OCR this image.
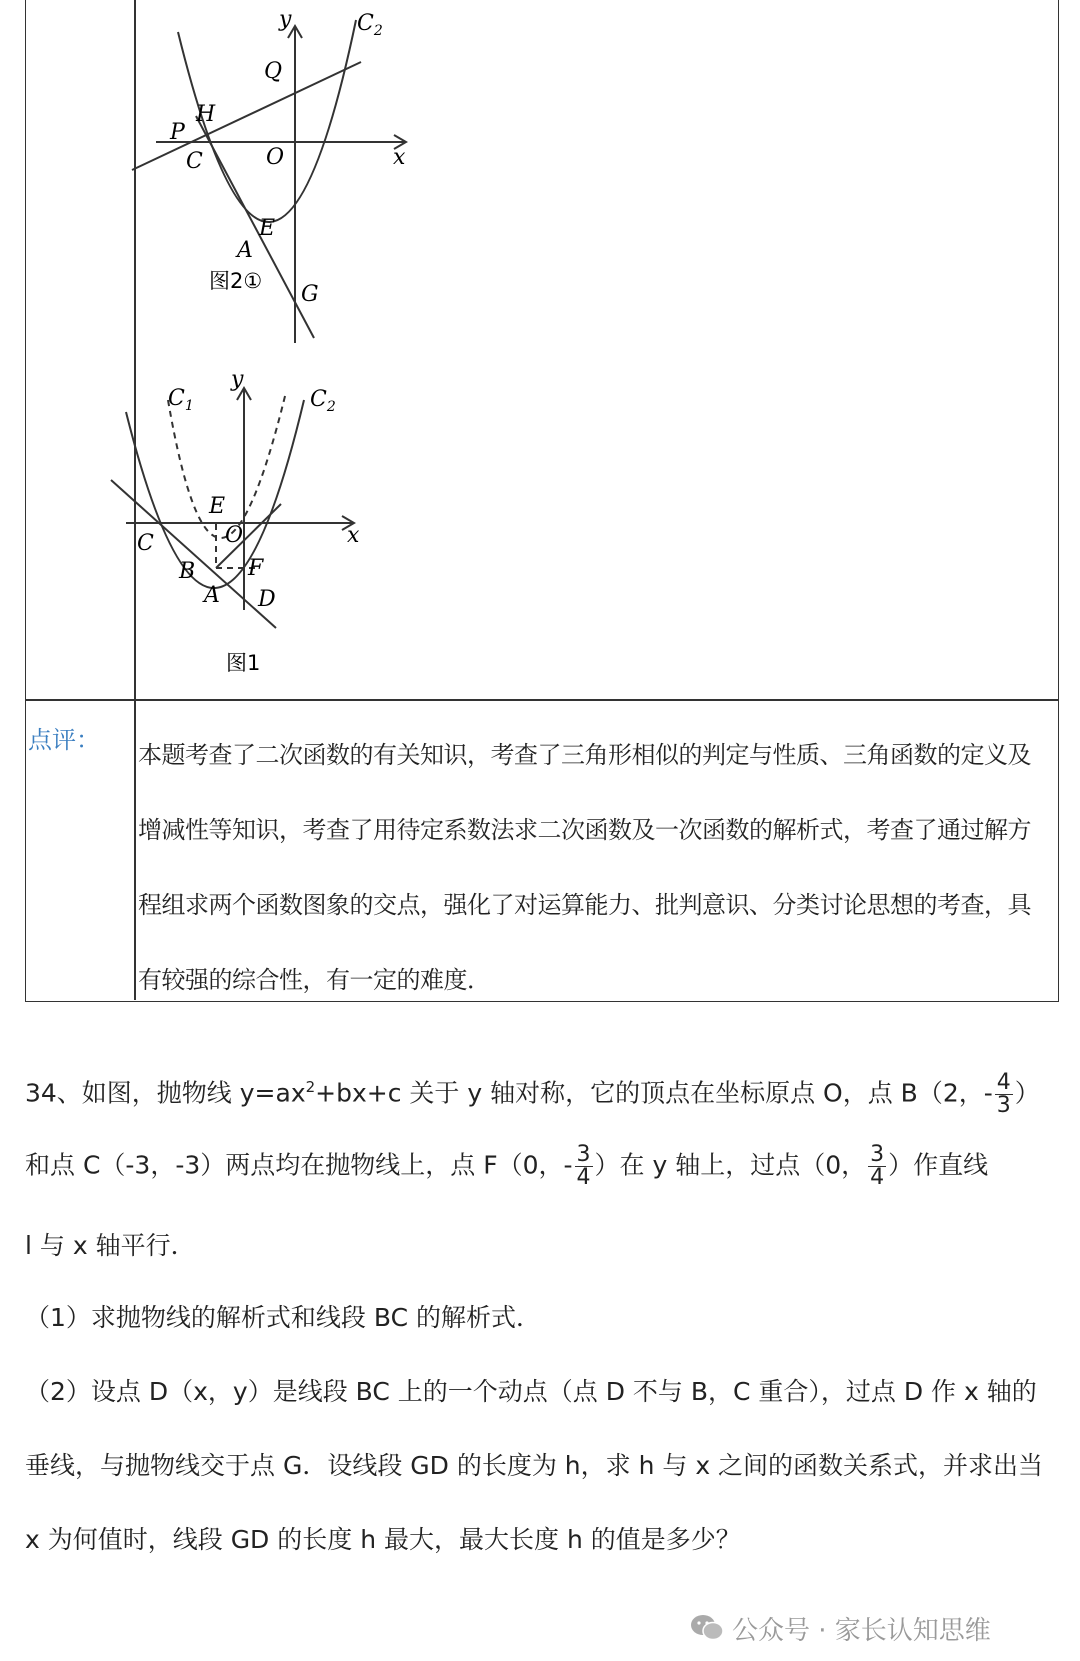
y	$C_2$
Q
H
P
C	O	x
E
A
图2①
G
$C_1$
y
$C_2$
E
O	x
C
B F
A D
图1
点评：

本题考查了二次函数的有关知识，考查了三角形相似的判定与性质、三角函数的定义及

增减性等知识，考查了用待定系数法求二次函数及一次函数的解析式，考查了通过解方

程组求两个函数图象的交点，强化了对运算能力、批判意识、分类讨论思想的考查，具

有较强的综合性，有一定的难度．

34、如图，抛物线 $y=ax^2+bx+c$ 关于 y 轴对称，它的顶点在坐标原点 O，点 B（2，- $\frac{4}{3}$ ）
和点 C（-3，-3）两点均在抛物线上，点 F（0，- $\frac{3}{4}$ ）在 y 轴上，过点（0， $\frac{3}{4}$ ）作直线
l 与 x 轴平行．
（1）求抛物线的解析式和线段 BC 的解析式．
（2）设点 D（x，y）是线段 BC 上的一个动点（点 D 不与 B，C 重合），过点 D 作 x 轴的
垂线，与抛物线交于点 G．设线段 GD 的长度为 h，求 h 与 x 之间的函数关系式，并求出当
x 为何值时，线段 GD 的长度 h 最大，最大长度 h 的值是多少？
公众号 · 家长认知思维
